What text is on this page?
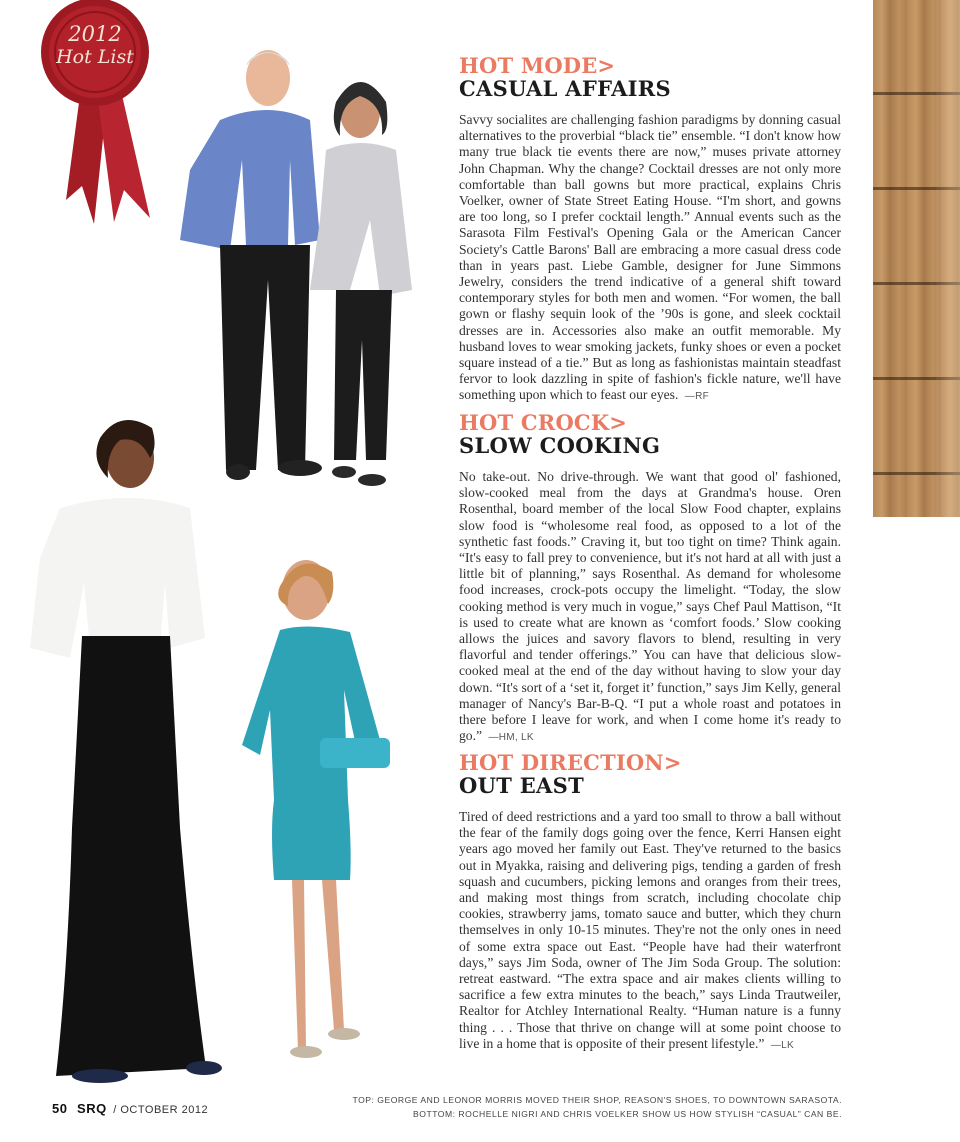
2012
Hot List	HOT MODE>
CASUAL AFFAIRS

Savvy socialites are challenging fashion paradigms by donning casual alternatives to the proverbial “black tie” ensemble. “I don't know how many true black tie events there are now,” muses private attorney John Chapman. Why the change? Cocktail dresses are not only more comfortable than ball gowns but more practical, explains Chris Voelker, owner of State Street Eating House. “I'm short, and gowns are too long, so I prefer cocktail length.” Annual events such as the Sarasota Film Festival's Opening Gala or the American Cancer Society's Cattle Barons' Ball are embracing a more casual dress code than in years past. Liebe Gamble, designer for June Simmons Jewelry, considers the trend indicative of a general shift toward contemporary styles for both men and women. “For women, the ball gown or flashy sequin look of the ’90s is gone, and sleek cocktail dresses are in. Accessories also make an outfit memorable. My husband loves to wear smoking jackets, funky shoes or even a pocket square instead of a tie.” But as long as fashionistas maintain steadfast fervor to look dazzling in spite of fashion's fickle nature, we'll have something upon which to feast our eyes. —RF

HOT CROCK>
SLOW COOKING

No take-out. No drive-through. We want that good ol' fashioned, slow-cooked meal from the days at Grandma's house. Oren Rosenthal, board member of the local Slow Food chapter, explains slow food is “wholesome real food, as opposed to a lot of the synthetic fast foods.” Craving it, but too tight on time? Think again. “It's easy to fall prey to convenience, but it's not hard at all with just a little bit of planning,” says Rosenthal. As demand for wholesome food increases, crock-pots occupy the limelight. “Today, the slow cooking method is very much in vogue,” says Chef Paul Mattison, “It is used to create what are known as ‘comfort foods.’ Slow cooking allows the juices and savory flavors to blend, resulting in very flavorful and tender offerings.” You can have that delicious slow-cooked meal at the end of the day without having to slow your day down. “It's sort of a ‘set it, forget it’ function,” says Jim Kelly, general manager of Nancy's Bar-B-Q. “I put a whole roast and potatoes in there before I leave for work, and when I come home it's ready to go.” —HM, LK

HOT DIRECTION>
OUT EAST

Tired of deed restrictions and a yard too small to throw a ball without the fear of the family dogs going over the fence, Kerri Hansen eight years ago moved her family out East. They've returned to the basics out in Myakka, raising and delivering pigs, tending a garden of fresh squash and cucumbers, picking lemons and oranges from their trees, and making most things from scratch, including chocolate chip cookies, strawberry jams, tomato sauce and butter, which they churn themselves in only 10-15 minutes. They're not the only ones in need of some extra space out East. “People have had their waterfront days,” says Jim Soda, owner of The Jim Soda Group. The solution: retreat eastward. “The extra space and air makes clients willing to sacrifice a few extra minutes to the beach,” says Linda Trautweiler, Realtor for Atchley International Realty. “Human nature is a funny thing . . . Those that thrive on change will at some point choose to live in a home that is opposite of their present lifestyle.” —LK

50 SRQ / OCTOBER 2012
TOP: GEORGE AND LEONOR MORRIS MOVED THEIR SHOP, REASON'S SHOES, TO DOWNTOWN SARASOTA.
BOTTOM: ROCHELLE NIGRI AND CHRIS VOELKER SHOW US HOW STYLISH “CASUAL” CAN BE.
